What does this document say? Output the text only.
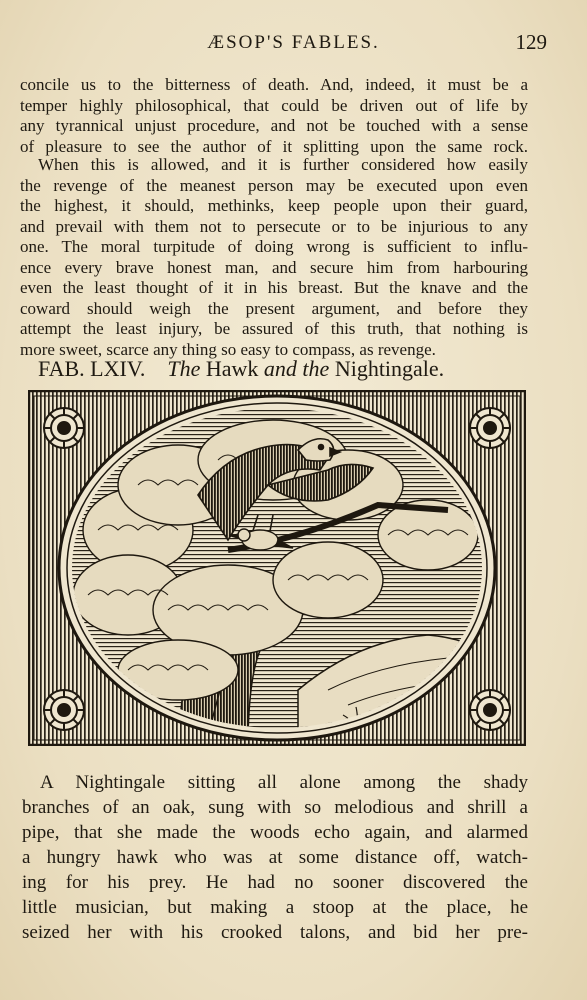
ÆSOP'S FABLES.	129
concile us to the bitterness of death. And, indeed, it must be a
temper highly philosophical, that could be driven out of life by
any tyrannical unjust procedure, and not be touched with a sense
of pleasure to see the author of it splitting upon the same rock.
When this is allowed, and it is further considered how easily
the revenge of the meanest person may be executed upon even
the highest, it should, methinks, keep people upon their guard,
and prevail with them not to persecute or to be injurious to any
one. The moral turpitude of doing wrong is sufficient to influ-
ence every brave honest man, and secure him from harbouring
even the least thought of it in his breast. But the knave and the
coward should weigh the present argument, and before they
attempt the least injury, be assured of this truth, that nothing is
more sweet, scarce any thing so easy to compass, as revenge.
FAB. LXIV. The Hawk and the Nightingale.
A Nightingale sitting all alone among the shady
branches of an oak, sung with so melodious and shrill a
pipe, that she made the woods echo again, and alarmed
a hungry hawk who was at some distance off, watch-
ing for his prey. He had no sooner discovered the
little musician, but making a stoop at the place, he
seized her with his crooked talons, and bid her pre-
